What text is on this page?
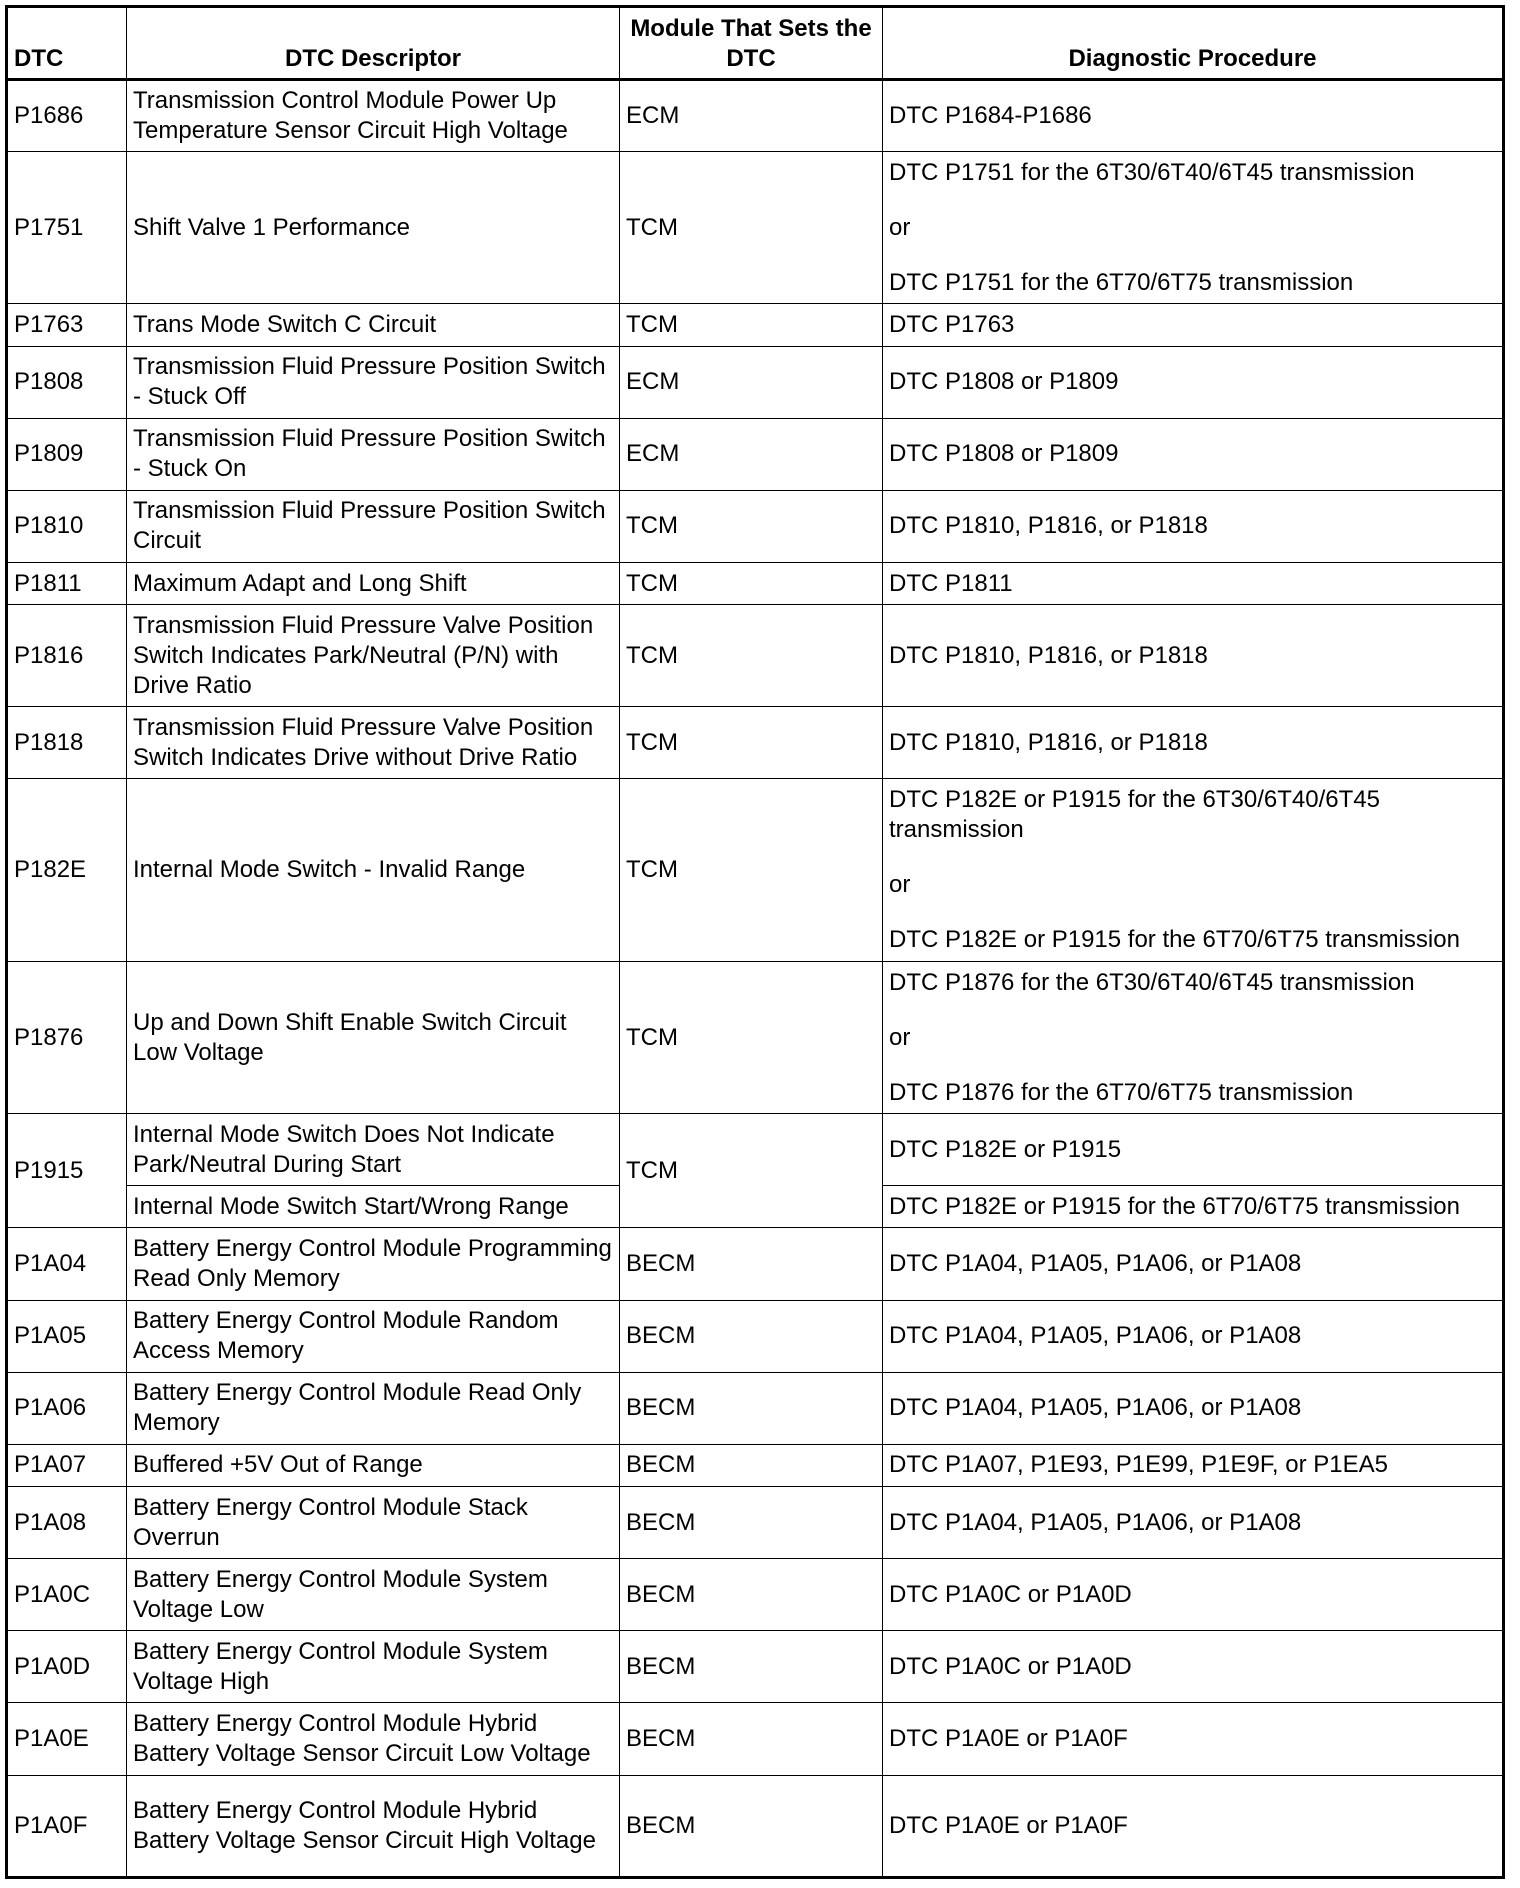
DTC	DTC Descriptor	Module That Sets the DTC	Diagnostic Procedure
P1686	Transmission Control Module Power Up Temperature Sensor Circuit High Voltage	ECM	DTC P1684-P1686

P1751	Shift Valve 1 Performance	TCM	DTC P1751 for the 6T30/6T40/6T45 transmission
or
DTC P1751 for the 6T70/6T75 transmission

P1763	Trans Mode Switch C Circuit	TCM	DTC P1763

P1808	Transmission Fluid Pressure Position Switch - Stuck Off	ECM	DTC P1808 or P1809

P1809	Transmission Fluid Pressure Position Switch - Stuck On	ECM	DTC P1808 or P1809

P1810	Transmission Fluid Pressure Position Switch Circuit	TCM	DTC P1810, P1816, or P1818

P1811	Maximum Adapt and Long Shift	TCM	DTC P1811

P1816	Transmission Fluid Pressure Valve Position Switch Indicates Park/Neutral (P/N) with Drive Ratio	TCM	DTC P1810, P1816, or P1818

P1818	Transmission Fluid Pressure Valve Position Switch Indicates Drive without Drive Ratio	TCM	DTC P1810, P1816, or P1818

P182E	Internal Mode Switch - Invalid Range	TCM	DTC P182E or P1915 for the 6T30/6T40/6T45 transmission
or
DTC P182E or P1915 for the 6T70/6T75 transmission

P1876	Up and Down Shift Enable Switch Circuit Low Voltage	TCM	DTC P1876 for the 6T30/6T40/6T45 transmission
or
DTC P1876 for the 6T70/6T75 transmission

P1915	Internal Mode Switch Does Not Indicate Park/Neutral During Start	TCM	DTC P182E or P1915

	Internal Mode Switch Start/Wrong Range		DTC P182E or P1915 for the 6T70/6T75 transmission

P1A04	Battery Energy Control Module Programming Read Only Memory	BECM	DTC P1A04, P1A05, P1A06, or P1A08

P1A05	Battery Energy Control Module Random Access Memory	BECM	DTC P1A04, P1A05, P1A06, or P1A08

P1A06	Battery Energy Control Module Read Only Memory	BECM	DTC P1A04, P1A05, P1A06, or P1A08

P1A07	Buffered +5V Out of Range	BECM	DTC P1A07, P1E93, P1E99, P1E9F, or P1EA5

P1A08	Battery Energy Control Module Stack Overrun	BECM	DTC P1A04, P1A05, P1A06, or P1A08

P1A0C	Battery Energy Control Module System Voltage Low	BECM	DTC P1A0C or P1A0D

P1A0D	Battery Energy Control Module System Voltage High	BECM	DTC P1A0C or P1A0D

P1A0E	Battery Energy Control Module Hybrid Battery Voltage Sensor Circuit Low Voltage	BECM	DTC P1A0E or P1A0F

P1A0F	Battery Energy Control Module Hybrid Battery Voltage Sensor Circuit High Voltage	BECM	DTC P1A0E or P1A0F
